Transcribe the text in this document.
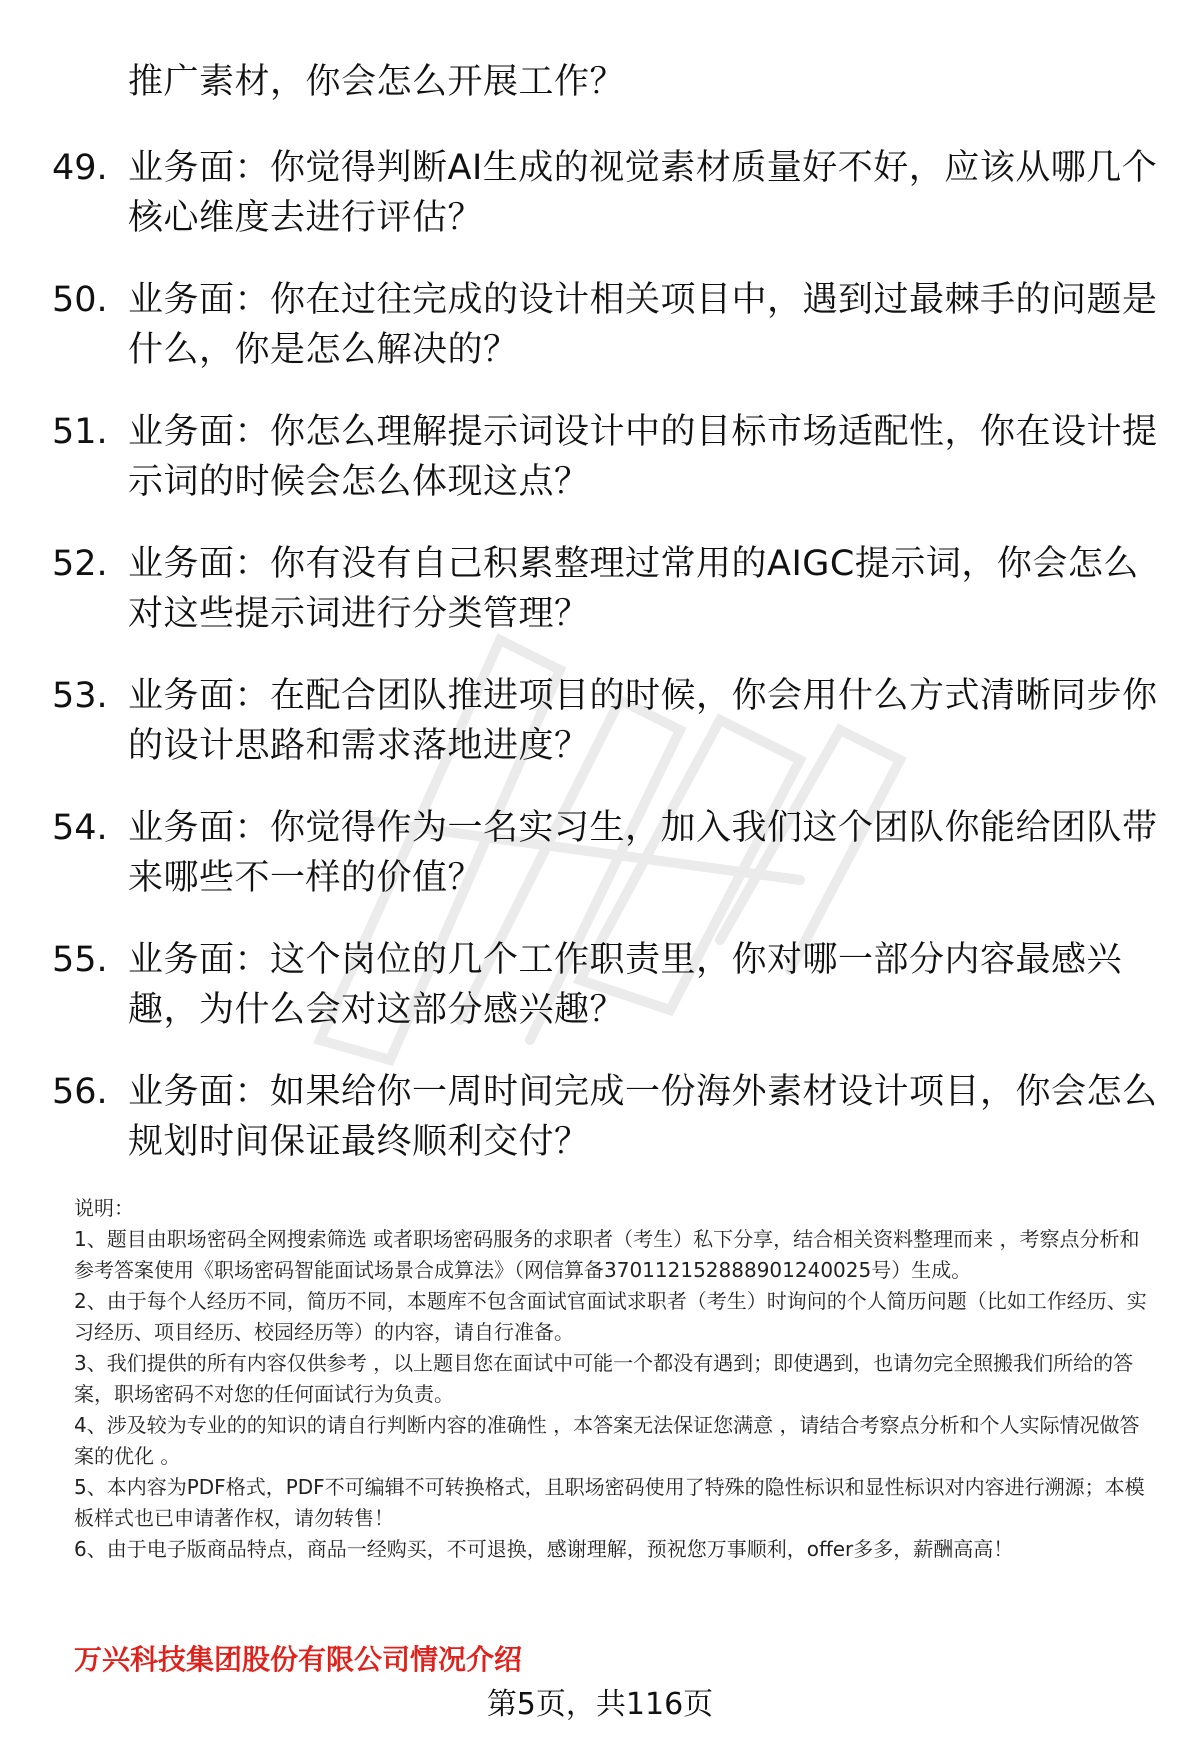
推广素材，你会怎么开展工作？
49. 业务面：你觉得判断AI生成的视觉素材质量好不好，应该从哪几个核心维度去进行评估？
50. 业务面：你在过往完成的设计相关项目中，遇到过最棘手的问题是什么，你是怎么解决的？
51. 业务面：你怎么理解提示词设计中的目标市场适配性，你在设计提示词的时候会怎么体现这点？
52. 业务面：你有没有自己积累整理过常用的AIGC提示词，你会怎么对这些提示词进行分类管理？
53. 业务面：在配合团队推进项目的时候，你会用什么方式清晰同步你的设计思路和需求落地进度？
54. 业务面：你觉得作为一名实习生，加入我们这个团队你能给团队带来哪些不一样的价值？
55. 业务面：这个岗位的几个工作职责里，你对哪一部分内容最感兴趣，为什么会对这部分感兴趣？
56. 业务面：如果给你一周时间完成一份海外素材设计项目，你会怎么规划时间保证最终顺利交付？

说明：

1、题目由职场密码全网搜索筛选 或者职场密码服务的求职者（考生）私下分享，结合相关资料整理而来 ，考察点分析和参考答案使用《职场密码智能面试场景合成算法》（网信算备370112152888901240025号）生成。

2、由于每个人经历不同，简历不同，本题库不包含面试官面试求职者（考生）时询问的个人简历问题（比如工作经历、实习经历、项目经历、校园经历等）的内容，请自行准备。

3、我们提供的所有内容仅供参考 ，以上题目您在面试中可能一个都没有遇到；即使遇到，也请勿完全照搬我们所给的答案，职场密码不对您的任何面试行为负责。

4、涉及较为专业的的知识的请自行判断内容的准确性 ，本答案无法保证您满意 ，请结合考察点分析和个人实际情况做答案的优化 。

5、本内容为PDF格式，PDF不可编辑不可转换格式，且职场密码使用了特殊的隐性标识和显性标识对内容进行溯源；本模板样式也已申请著作权，请勿转售！

6、由于电子版商品特点，商品一经购买，不可退换，感谢理解，预祝您万事顺利，offer多多，薪酬高高！

万兴科技集团股份有限公司情况介绍
第5页，共116页
